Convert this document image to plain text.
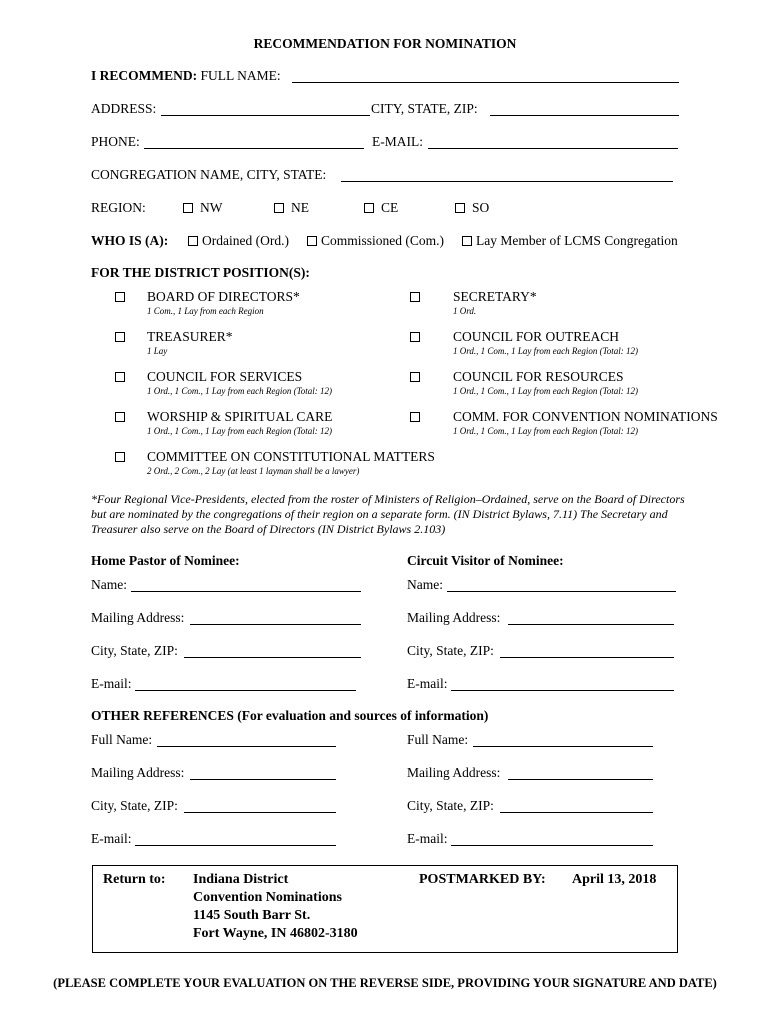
RECOMMENDATION FOR NOMINATION
I RECOMMEND: FULL NAME:
ADDRESS:	CITY, STATE, ZIP:
PHONE:	E-MAIL:
CONGREGATION NAME, CITY, STATE:
REGION:	NW	NE	CE	SO
WHO IS (A):	Ordained (Ord.) Commissioned (Com.) Lay Member of LCMS Congregation
FOR THE DISTRICT POSITION(S):
BOARD OF DIRECTORS*
1 Com., 1 Lay from each Region
SECRETARY*
1 Ord.
TREASURER*
1 Lay
COUNCIL FOR OUTREACH
1 Ord., 1 Com., 1 Lay from each Region (Total: 12)
COUNCIL FOR SERVICES
1 Ord., 1 Com., 1 Lay from each Region (Total: 12)
COUNCIL FOR RESOURCES
1 Ord., 1 Com., 1 Lay from each Region (Total: 12)
WORSHIP & SPIRITUAL CARE
1 Ord., 1 Com., 1 Lay from each Region (Total: 12)
COMM. FOR CONVENTION NOMINATIONS
1 Ord., 1 Com., 1 Lay from each Region (Total: 12)
COMMITTEE ON CONSTITUTIONAL MATTERS
2 Ord., 2 Com., 2 Lay (at least 1 layman shall be a lawyer)
*Four Regional Vice-Presidents, elected from the roster of Ministers of Religion–Ordained, serve on the Board of Directors but are nominated by the congregations of their region on a separate form. (IN District Bylaws, 7.11) The Secretary and Treasurer also serve on the Board of Directors (IN District Bylaws 2.103)
Home Pastor of Nominee:
Name:
Mailing Address:
City, State, ZIP:
E-mail:
Circuit Visitor of Nominee:
Name:
Mailing Address:
City, State, ZIP:
E-mail:
OTHER REFERENCES (For evaluation and sources of information)
Full Name:
Mailing Address:
City, State, ZIP:
E-mail:
Full Name:
Mailing Address:
City, State, ZIP:
E-mail:
Return to: Indiana District
Convention Nominations
1145 South Barr St.
Fort Wayne, IN 46802-3180
POSTMARKED BY: April 13, 2018
(PLEASE COMPLETE YOUR EVALUATION ON THE REVERSE SIDE, PROVIDING YOUR SIGNATURE AND DATE)
